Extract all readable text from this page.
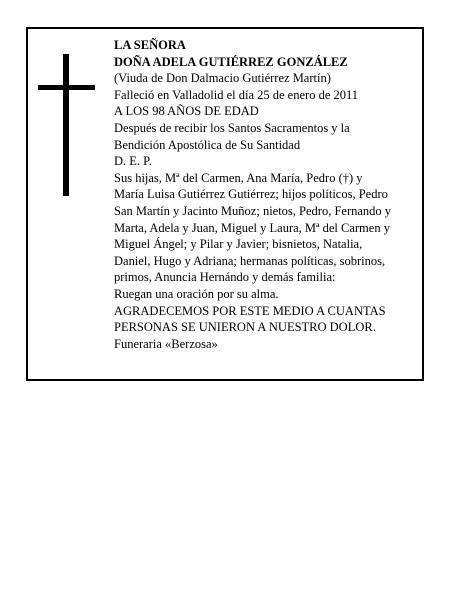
LA SEÑORA
DOÑA ADELA GUTIÉRREZ GONZÁLEZ
(Viuda de Don Dalmacio Gutiérrez Martín)
Falleció en Valladolid el día 25 de enero de 2011
A LOS 98 AÑOS DE EDAD
Después de recibir los Santos Sacramentos y la
Bendición Apostólica de Su Santidad
D. E. P.
Sus hijas, Mª del Carmen, Ana María, Pedro (†) y
María Luisa Gutiérrez Gutiérrez; hijos políticos, Pedro
San Martín y Jacinto Muñoz; nietos, Pedro, Fernando y
Marta, Adela y Juan, Miguel y Laura, Mª del Carmen y
Miguel Ángel; y Pilar y Javier; bisnietos, Natalia,
Daniel, Hugo y Adriana; hermanas políticas, sobrinos,
primos, Anuncia Hernándo y demás familia:
Ruegan una oración por su alma.
AGRADECEMOS POR ESTE MEDIO A CUANTAS
PERSONAS SE UNIERON A NUESTRO DOLOR.
Funeraria «Berzosa»
